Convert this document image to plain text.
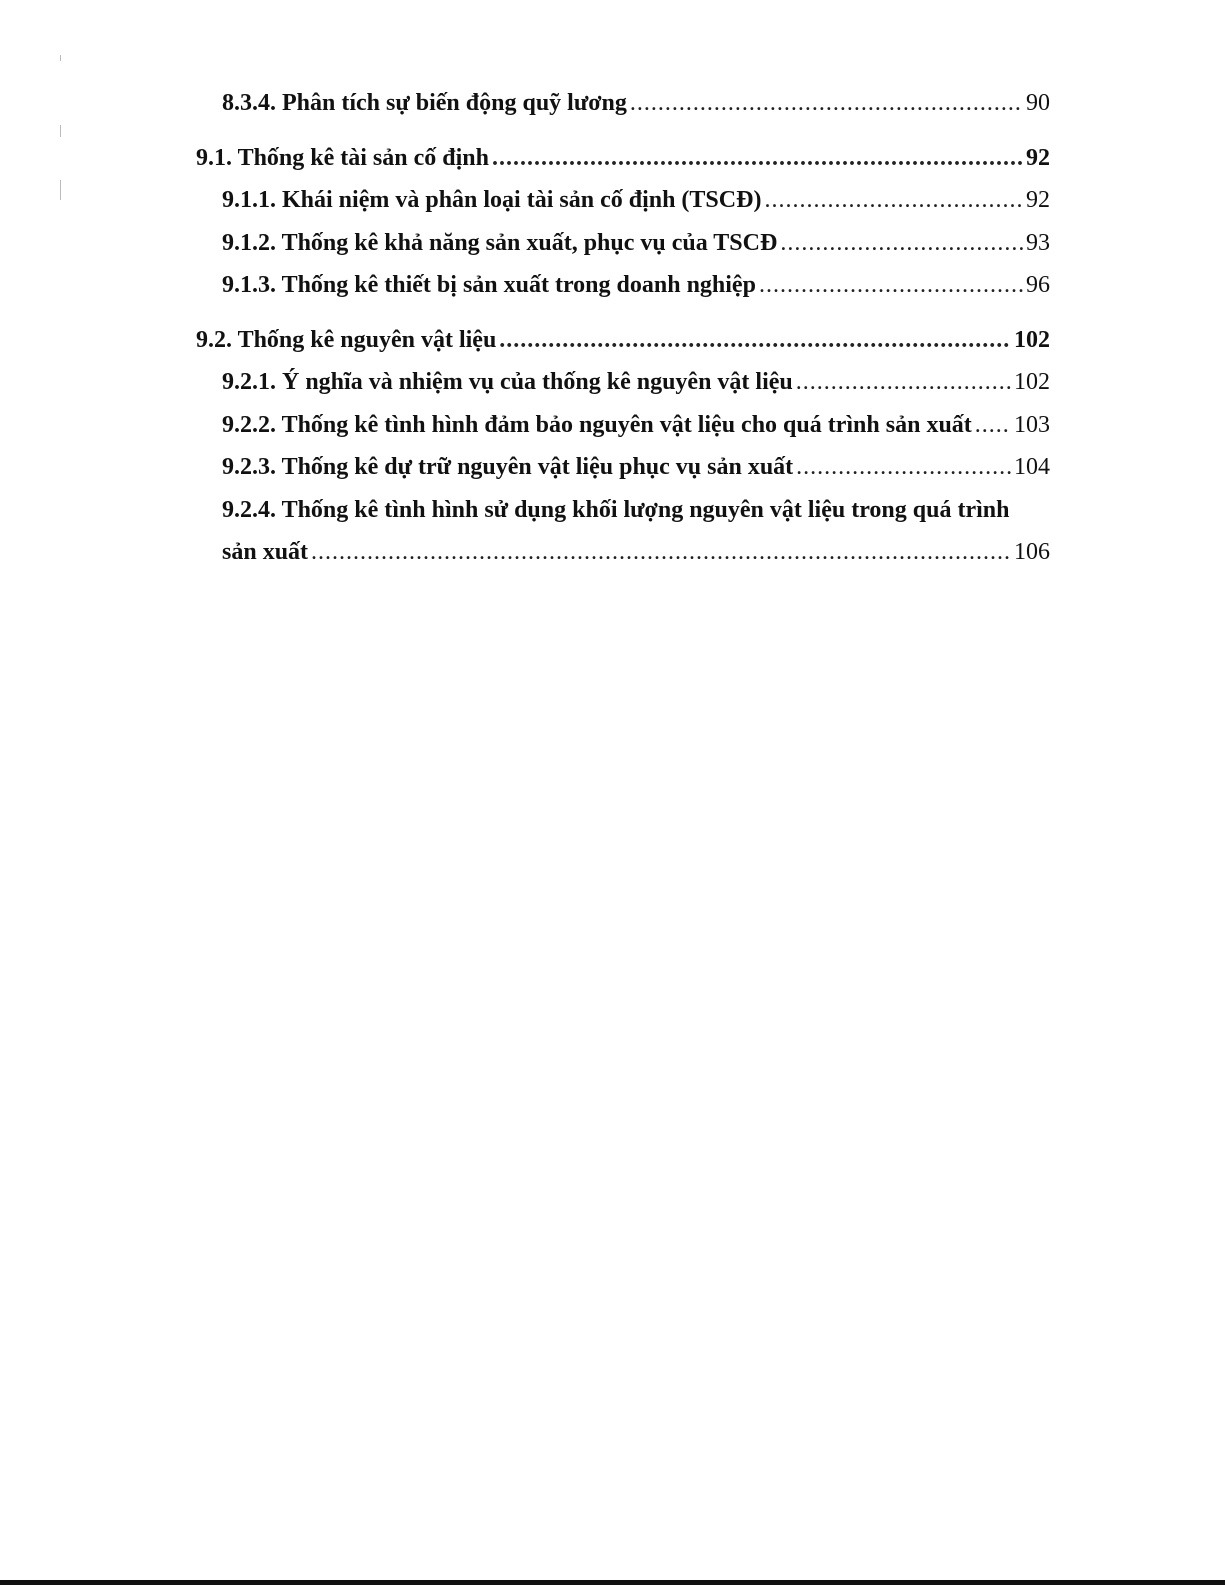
8.3.4. Phân tích sự biến động quỹ lương .....	90
9.1. Thống kê tài sản cố định .....	92
9.1.1. Khái niệm và phân loại tài sản cố định (TSCĐ) .....	92
9.1.2. Thống kê khả năng sản xuất, phục vụ của TSCĐ .....	93
9.1.3. Thống kê thiết bị sản xuất trong doanh nghiệp .....	96
9.2. Thống kê nguyên vật liệu .....	102
9.2.1. Ý nghĩa và nhiệm vụ của thống kê nguyên vật liệu .....	102
9.2.2. Thống kê tình hình đảm bảo nguyên vật liệu cho quá trình sản xuất ..... 103
9.2.3. Thống kê dự trữ nguyên vật liệu phục vụ sản xuất .....	104
9.2.4. Thống kê tình hình sử dụng khối lượng nguyên vật liệu trong quá trình
sản xuất .....	106
